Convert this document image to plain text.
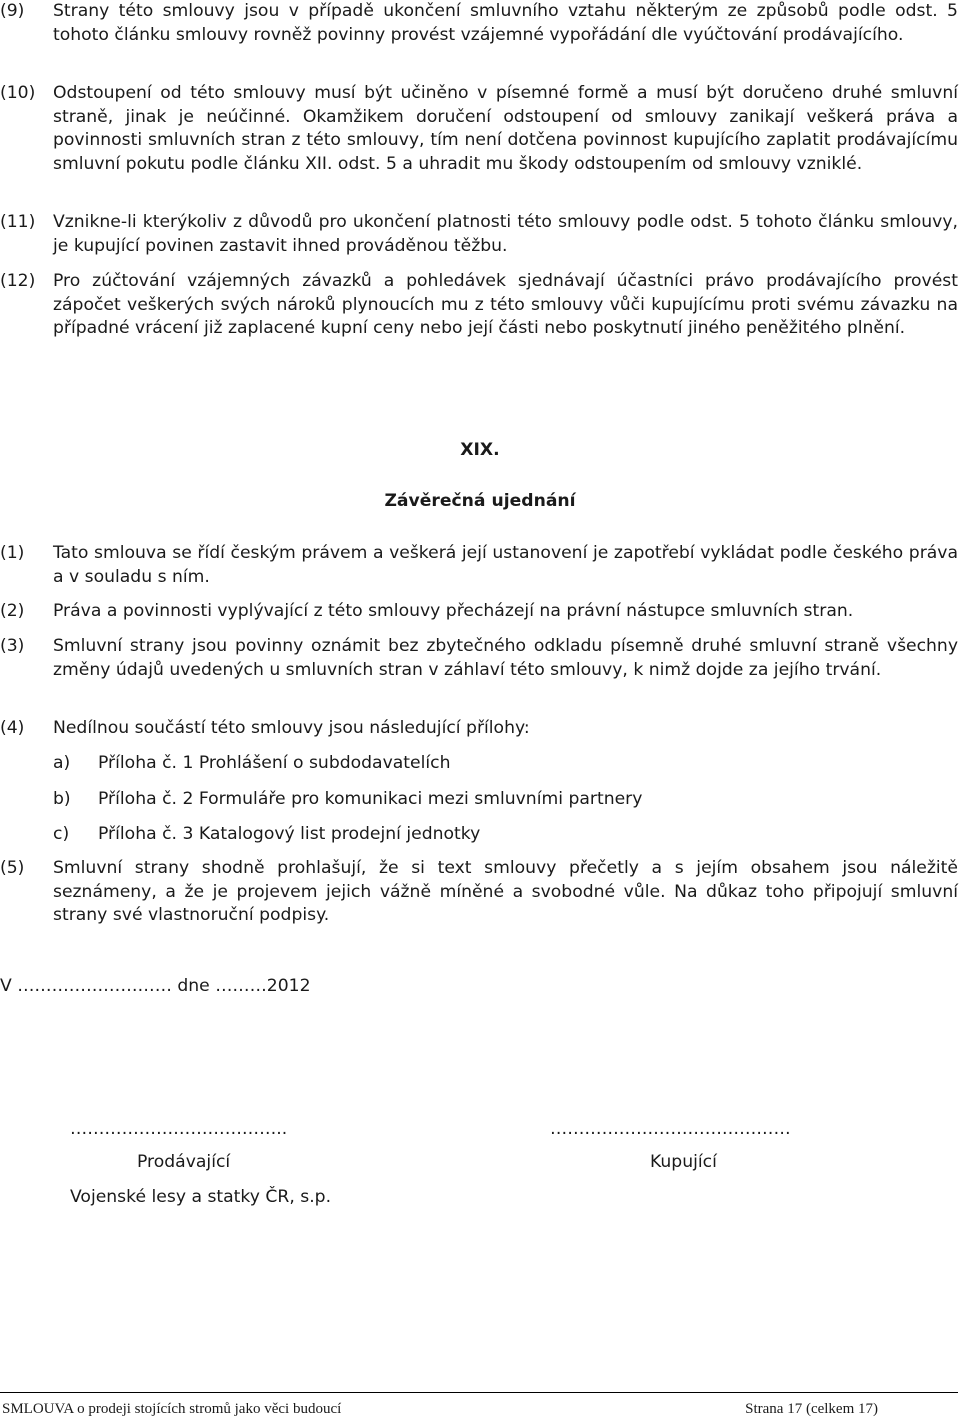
(9)	Strany této smlouvy jsou v případě ukončení smluvního vztahu některým ze způsobů podle odst. 5 tohoto článku smlouvy rovněž povinny provést vzájemné vypořádání dle vyúčtování prodávajícího.
(10)	Odstoupení od této smlouvy musí být učiněno v písemné formě a musí být doručeno druhé smluvní straně, jinak je neúčinné. Okamžikem doručení odstoupení od smlouvy zanikají veškerá práva a povinnosti smluvních stran z této smlouvy, tím není dotčena povinnost kupujícího zaplatit prodávajícímu smluvní pokutu podle článku XII. odst. 5 a uhradit mu škody odstoupením od smlouvy vzniklé.
(11)	Vznikne-li kterýkoliv z důvodů pro ukončení platnosti této smlouvy podle odst. 5 tohoto článku smlouvy, je kupující povinen zastavit ihned prováděnou těžbu.
(12)	Pro zúčtování vzájemných závazků a pohledávek sjednávají účastníci právo prodávajícího provést zápočet veškerých svých nároků plynoucích mu z této smlouvy vůči kupujícímu proti svému závazku na případné vrácení již zaplacené kupní ceny nebo její části nebo poskytnutí jiného peněžitého plnění.
XIX.
Závěrečná ujednání
(1)	Tato smlouva se řídí českým právem a veškerá její ustanovení je zapotřebí vykládat podle českého práva a v souladu s ním.
(2)	Práva a povinnosti vyplývající z této smlouvy přecházejí na právní nástupce smluvních stran.
(3)	Smluvní strany jsou povinny oznámit bez zbytečného odkladu písemně druhé smluvní straně všechny změny údajů uvedených u smluvních stran v záhlaví této smlouvy, k nimž dojde za jejího trvání.
(4)	Nedílnou součástí této smlouvy jsou následující přílohy:
a) Příloha č. 1 Prohlášení o subdodavatelích
b) Příloha č. 2 Formuláře pro komunikaci mezi smluvními partnery
c) Příloha č. 3 Katalogový list prodejní jednotky
(5)	Smluvní strany shodně prohlašují, že si text smlouvy přečetly a s jejím obsahem jsou náležitě seznámeny, a že je projevem jejich vážně míněné a svobodné vůle. Na důkaz toho připojují smluvní strany své vlastnoruční podpisy.
V ……………………… dne ………2012
………………………………..	……………………………………
Prodávající	Kupující
Vojenské lesy a statky ČR, s.p.
SMLOUVA o prodeji stojících stromů jako věci budoucí	Strana 17 (celkem 17)
